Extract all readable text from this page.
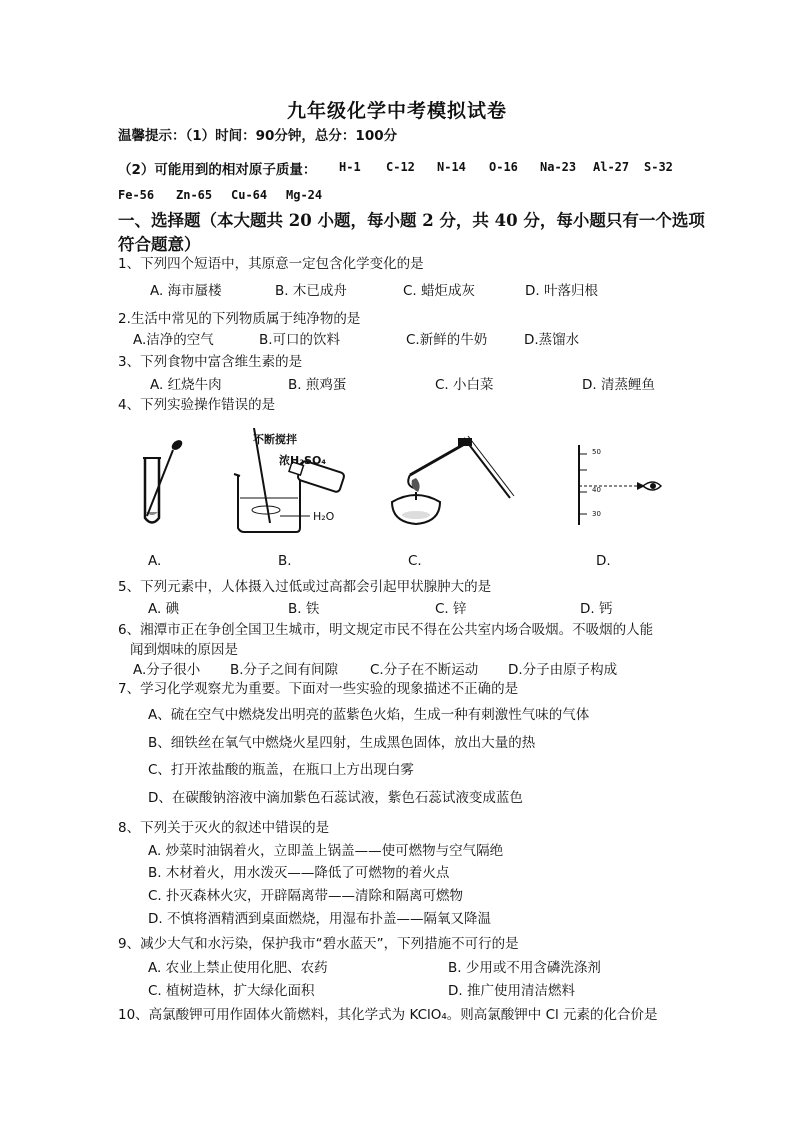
九年级化学中考模拟试卷
温馨提示：（1）时间：90分钟，总分：100分
（2）可能用到的相对原子质量： H-1 C-12 N-14 O-16 Na-23 Al-27 S-32
Fe-56 Zn-65 Cu-64 Mg-24
一、选择题（本大题共 20 小题，每小题 2 分，共 40 分，每小题只有一个选项
符合题意）
1、下列四个短语中，其原意一定包含化学变化的是
A. 海市蜃楼	B. 木已成舟	C. 蜡炬成灰	D. 叶落归根
2.生活中常见的下列物质属于纯净物的是
A.洁净的空气	B.可口的饮料	C.新鲜的牛奶	D.蒸馏水
3、下列食物中富含维生素的是
A. 红烧牛肉	B. 煎鸡蛋	C. 小白菜	D. 清蒸鲤鱼
4、下列实验操作错误的是
不断搅拌
浓H₂SO₄
H₂O
50
40
30
A.	B.	C.	D.
5、下列元素中，人体摄入过低或过高都会引起甲状腺肿大的是
A. 碘	B. 铁	C. 锌	D. 钙
6、湘潭市正在争创全国卫生城市，明文规定市民不得在公共室内场合吸烟。不吸烟的人能
闻到烟味的原因是
A.分子很小 B.分子之间有间隙 C.分子在不断运动 D.分子由原子构成
7、学习化学观察尤为重要。下面对一些实验的现象描述不正确的是
A、硫在空气中燃烧发出明亮的蓝紫色火焰，生成一种有刺激性气味的气体
B、细铁丝在氧气中燃烧火星四射，生成黑色固体，放出大量的热
C、打开浓盐酸的瓶盖，在瓶口上方出现白雾
D、在碳酸钠溶液中滴加紫色石蕊试液，紫色石蕊试液变成蓝色
8、下列关于灭火的叙述中错误的是
A. 炒菜时油锅着火，立即盖上锅盖——使可燃物与空气隔绝
B. 木材着火，用水泼灭——降低了可燃物的着火点
C. 扑灭森林火灾，开辟隔离带——清除和隔离可燃物
D. 不慎将酒精洒到桌面燃烧，用湿布扑盖——隔氧又降温
9、减少大气和水污染，保护我市“碧水蓝天”，下列措施不可行的是
A. 农业上禁止使用化肥、农药	B. 少用或不用含磷洗涤剂
C. 植树造林，扩大绿化面积	D. 推广使用清洁燃料
10、高氯酸钾可用作固体火箭燃料，其化学式为 KClO₄。则高氯酸钾中 Cl 元素的化合价是
